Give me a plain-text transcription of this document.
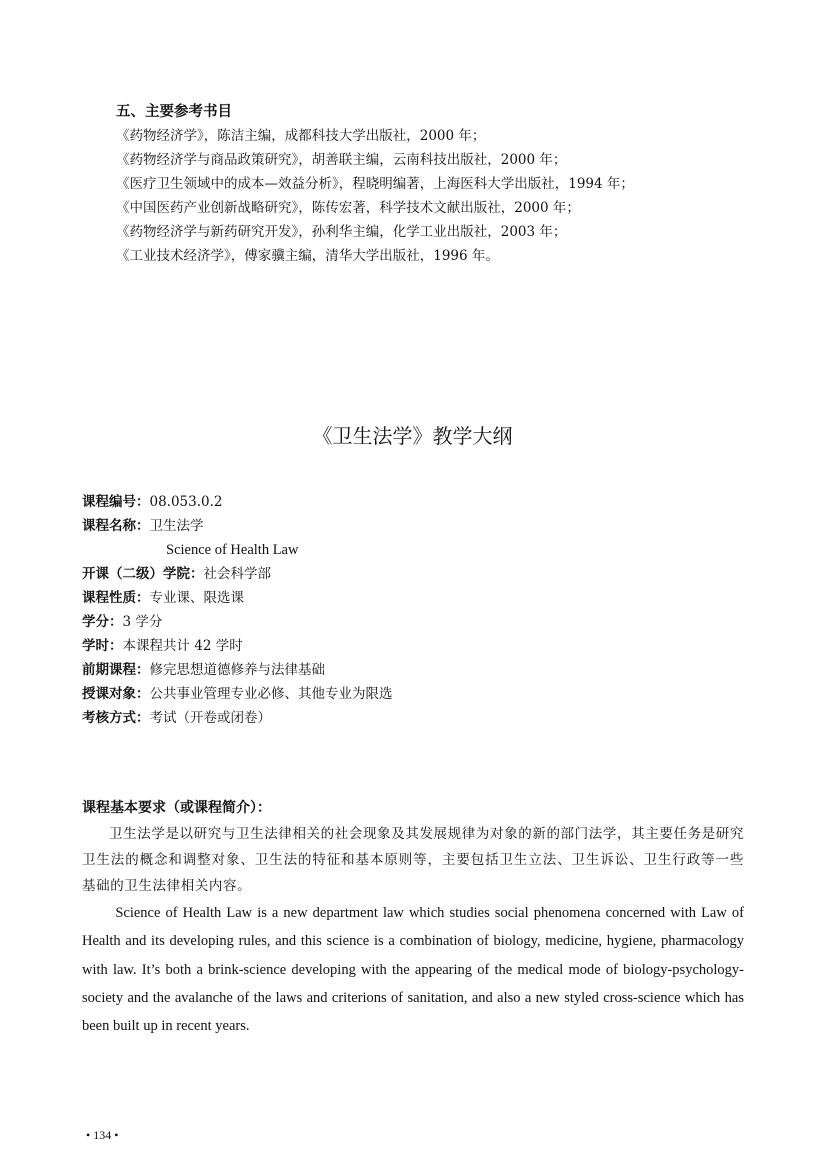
五、主要参考书目
《药物经济学》，陈洁主编，成都科技大学出版社，2000 年；
《药物经济学与商品政策研究》，胡善联主编，云南科技出版社，2000 年；
《医疗卫生领域中的成本—效益分析》，程晓明编著，上海医科大学出版社，1994 年；
《中国医药产业创新战略研究》，陈传宏著，科学技术文献出版社，2000 年；
《药物经济学与新药研究开发》，孙利华主编，化学工业出版社，2003 年；
《工业技术经济学》，傅家骥主编，清华大学出版社，1996 年。
《卫生法学》教学大纲
课程编号：08.053.0.2
课程名称：卫生法学
Science of Health Law
开课（二级）学院：社会科学部
课程性质：专业课、限选课
学分：3 学分
学时：本课程共计 42 学时
前期课程：修完思想道德修养与法律基础
授课对象：公共事业管理专业必修、其他专业为限选
考核方式：考试（开卷或闭卷）
课程基本要求（或课程简介）：

卫生法学是以研究与卫生法律相关的社会现象及其发展规律为对象的新的部门法学，其主要任务是研究卫生法的概念和调整对象、卫生法的特征和基本原则等，主要包括卫生立法、卫生诉讼、卫生行政等一些基础的卫生法律相关内容。

Science of Health Law is a new department law which studies social phenomena concerned with Law of Health and its developing rules, and this science is a combination of biology, medicine, hygiene, pharmacology with law. It’s both a brink-science developing with the appearing of the medical mode of biology-psychology-society and the avalanche of the laws and criterions of sanitation, and also a new styled cross-science which has been built up in recent years.

• 134 •
